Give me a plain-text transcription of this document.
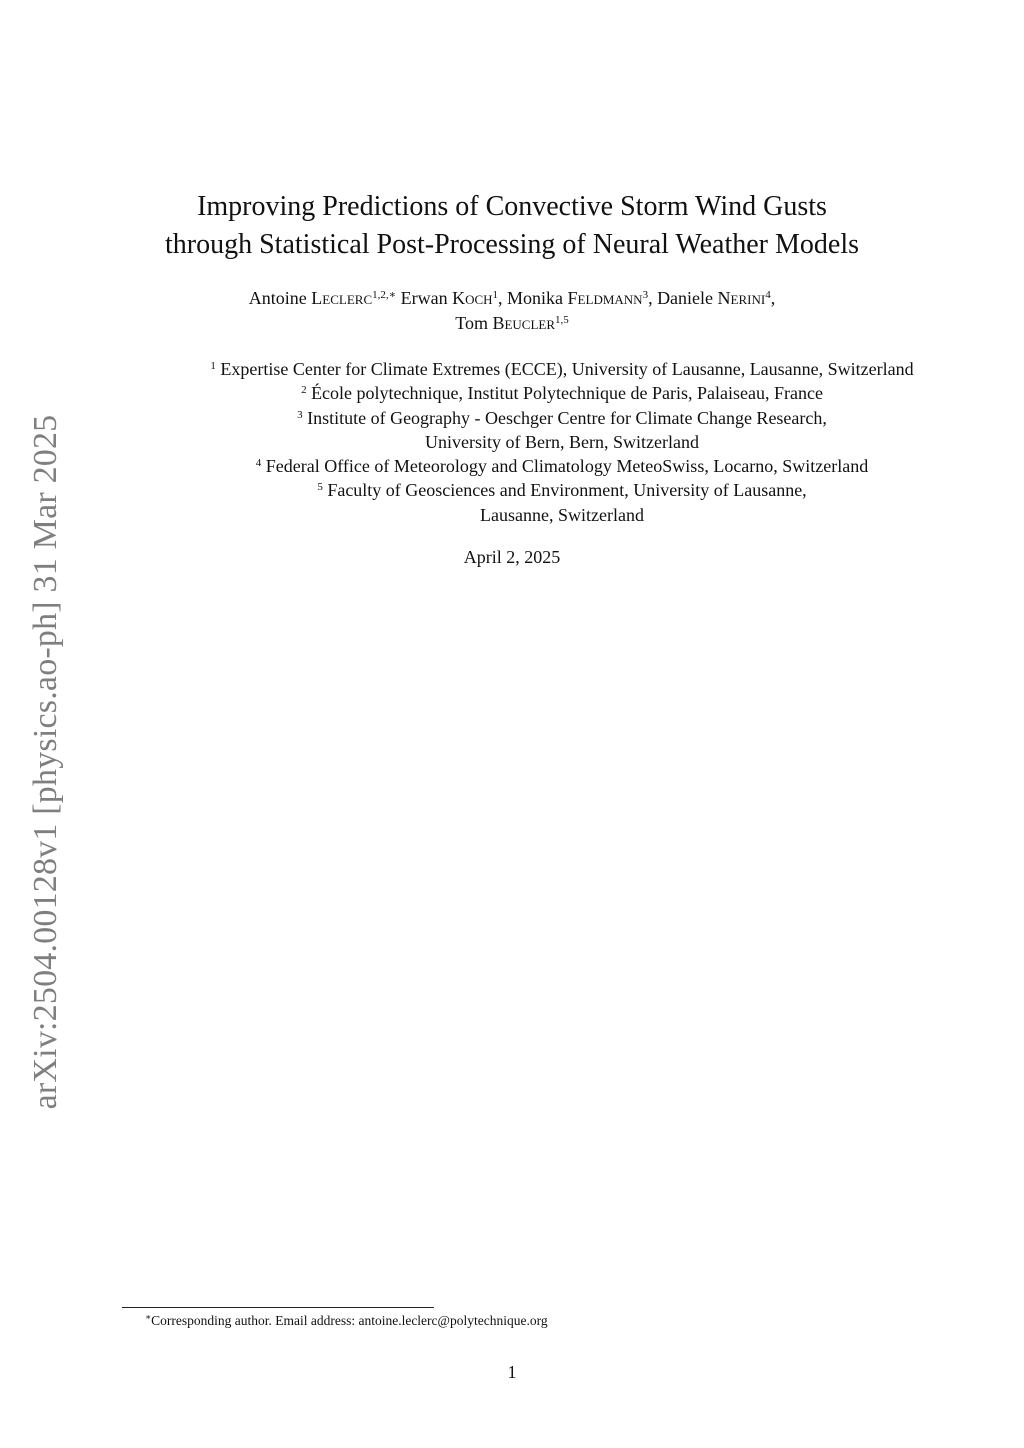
arXiv:2504.00128v1 [physics.ao-ph] 31 Mar 2025
Improving Predictions of Convective Storm Wind Gusts
through Statistical Post-Processing of Neural Weather Models
Antoine Leclerc$^{1,2,∗}$ Erwan Koch$^1$, Monika Feldmann$^3$, Daniele Nerini$^4$,
Tom Beucler$^{1,5}$
$^1$ Expertise Center for Climate Extremes (ECCE), University of Lausanne, Lausanne, Switzerland
$^2$ École polytechnique, Institut Polytechnique de Paris, Palaiseau, France
$^3$ Institute of Geography - Oeschger Centre for Climate Change Research,
University of Bern, Bern, Switzerland
$^4$ Federal Office of Meteorology and Climatology MeteoSwiss, Locarno, Switzerland
$^5$ Faculty of Geosciences and Environment, University of Lausanne,
Lausanne, Switzerland
April 2, 2025
∗Corresponding author. Email address: antoine.leclerc@polytechnique.org
1
